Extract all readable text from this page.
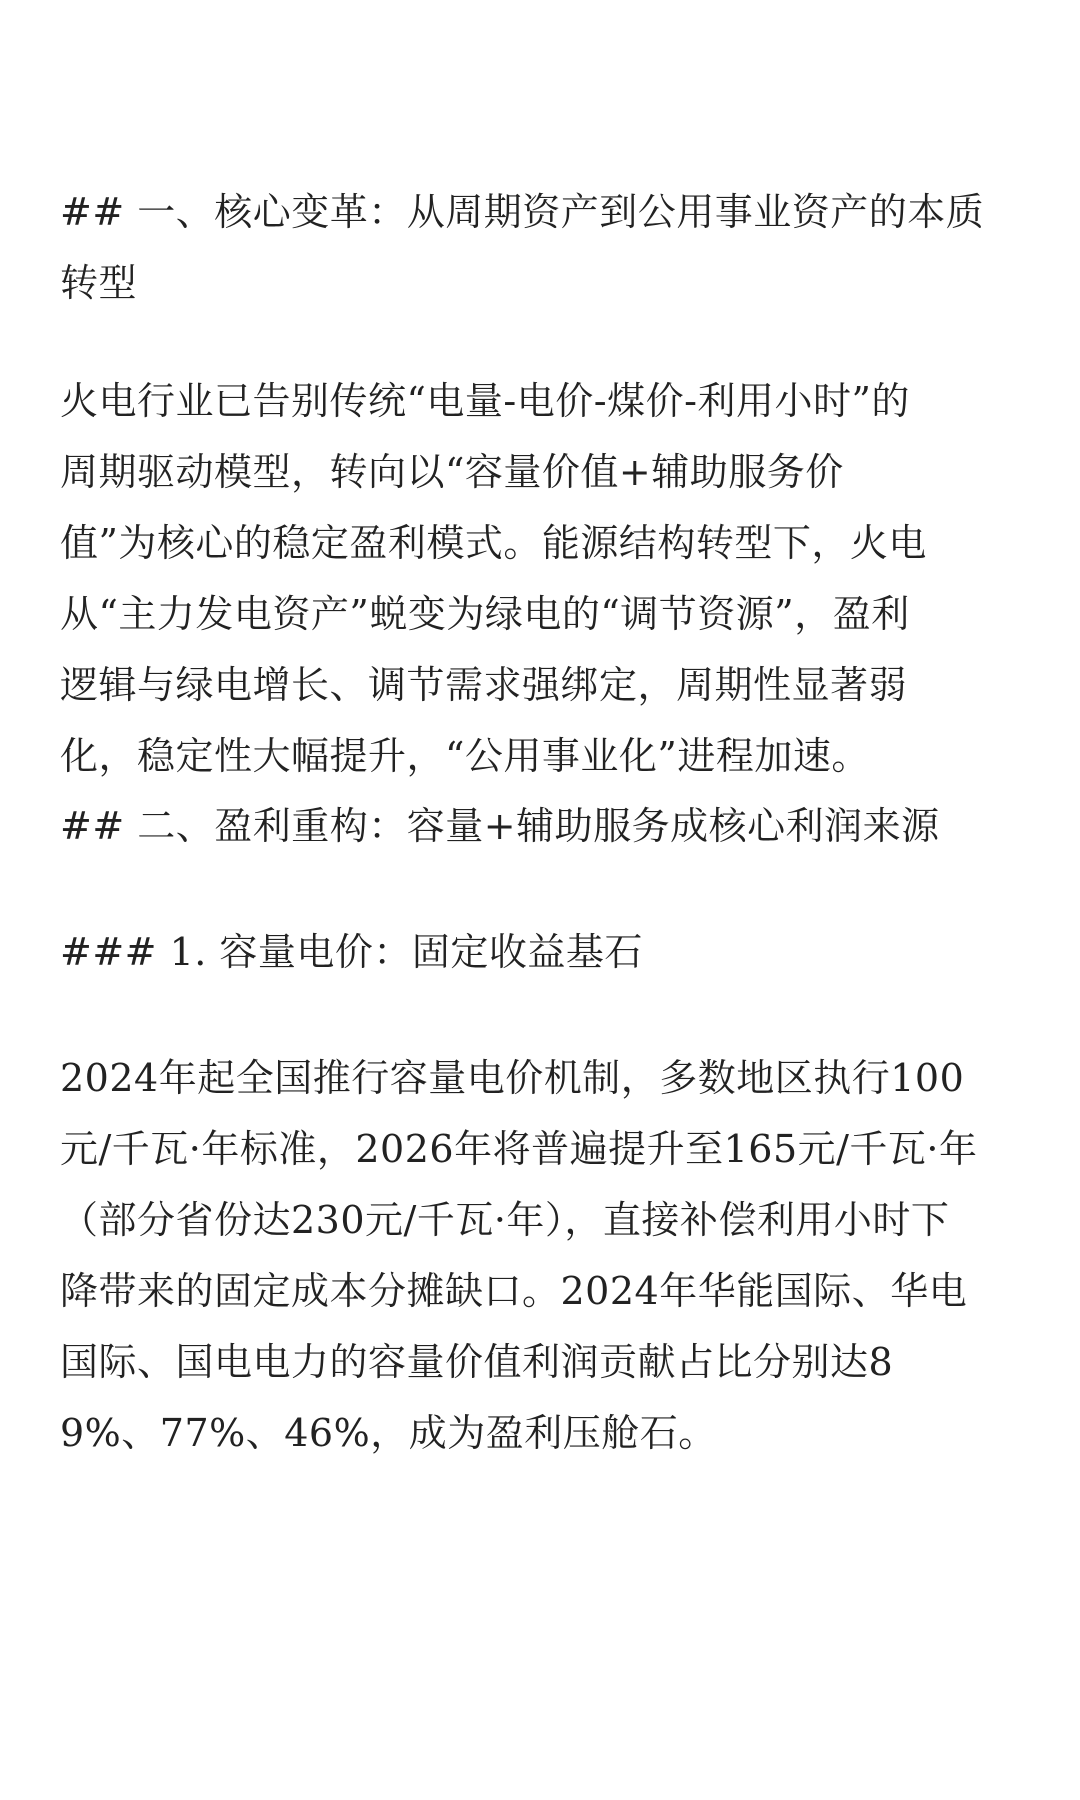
## 一、核心变革：从周期资产到公用事业资产的本质
转型
火电行业已告别传统“电量-电价-煤价-利用小时”的
周期驱动模型，转向以“容量价值+辅助服务价
值”为核心的稳定盈利模式。能源结构转型下，火电
从“主力发电资产”蜕变为绿电的“调节资源”，盈利
逻辑与绿电增长、调节需求强绑定，周期性显著弱
化，稳定性大幅提升，“公用事业化”进程加速。
## 二、盈利重构：容量+辅助服务成核心利润来源
### 1. 容量电价：固定收益基石
2024年起全国推行容量电价机制，多数地区执行100
元/千瓦·年标准，2026年将普遍提升至165元/千瓦·年
（部分省份达230元/千瓦·年），直接补偿利用小时下
降带来的固定成本分摊缺口。2024年华能国际、华电
国际、国电电力的容量价值利润贡献占比分别达8
9%、77%、46%，成为盈利压舱石。
